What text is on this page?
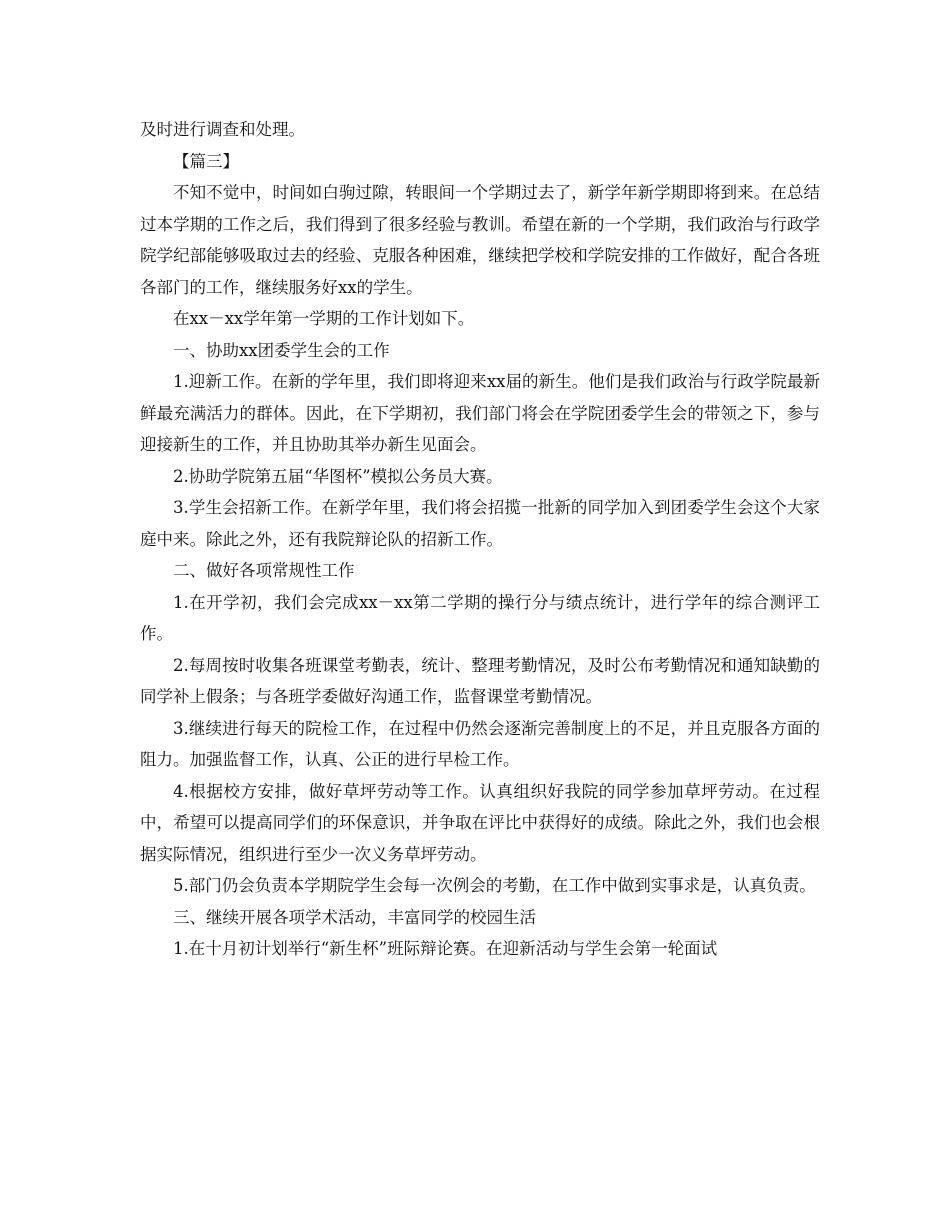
及时进行调查和处理。

【篇三】

不知不觉中，时间如白驹过隙，转眼间一个学期过去了，新学年新学期即将到来。在总结过本学期的工作之后，我们得到了很多经验与教训。希望在新的一个学期，我们政治与行政学院学纪部能够吸取过去的经验、克服各种困难，继续把学校和学院安排的工作做好，配合各班各部门的工作，继续服务好xx的学生。

在xx－xx学年第一学期的工作计划如下。

一、协助xx团委学生会的工作

1.迎新工作。在新的学年里，我们即将迎来xx届的新生。他们是我们政治与行政学院最新鲜最充满活力的群体。因此，在下学期初，我们部门将会在学院团委学生会的带领之下，参与迎接新生的工作，并且协助其举办新生见面会。

2.协助学院第五届“华图杯”模拟公务员大赛。

3.学生会招新工作。在新学年里，我们将会招揽一批新的同学加入到团委学生会这个大家庭中来。除此之外，还有我院辩论队的招新工作。

二、做好各项常规性工作

1.在开学初，我们会完成xx－xx第二学期的操行分与绩点统计，进行学年的综合测评工作。

2.每周按时收集各班课堂考勤表，统计、整理考勤情况，及时公布考勤情况和通知缺勤的同学补上假条；与各班学委做好沟通工作，监督课堂考勤情况。

3.继续进行每天的院检工作，在过程中仍然会逐渐完善制度上的不足，并且克服各方面的阻力。加强监督工作，认真、公正的进行早检工作。

4.根据校方安排，做好草坪劳动等工作。认真组织好我院的同学参加草坪劳动。在过程中，希望可以提高同学们的环保意识，并争取在评比中获得好的成绩。除此之外，我们也会根据实际情况，组织进行至少一次义务草坪劳动。

5.部门仍会负责本学期院学生会每一次例会的考勤，在工作中做到实事求是，认真负责。

三、继续开展各项学术活动，丰富同学的校园生活

1.在十月初计划举行“新生杯”班际辩论赛。在迎新活动与学生会第一轮面试
